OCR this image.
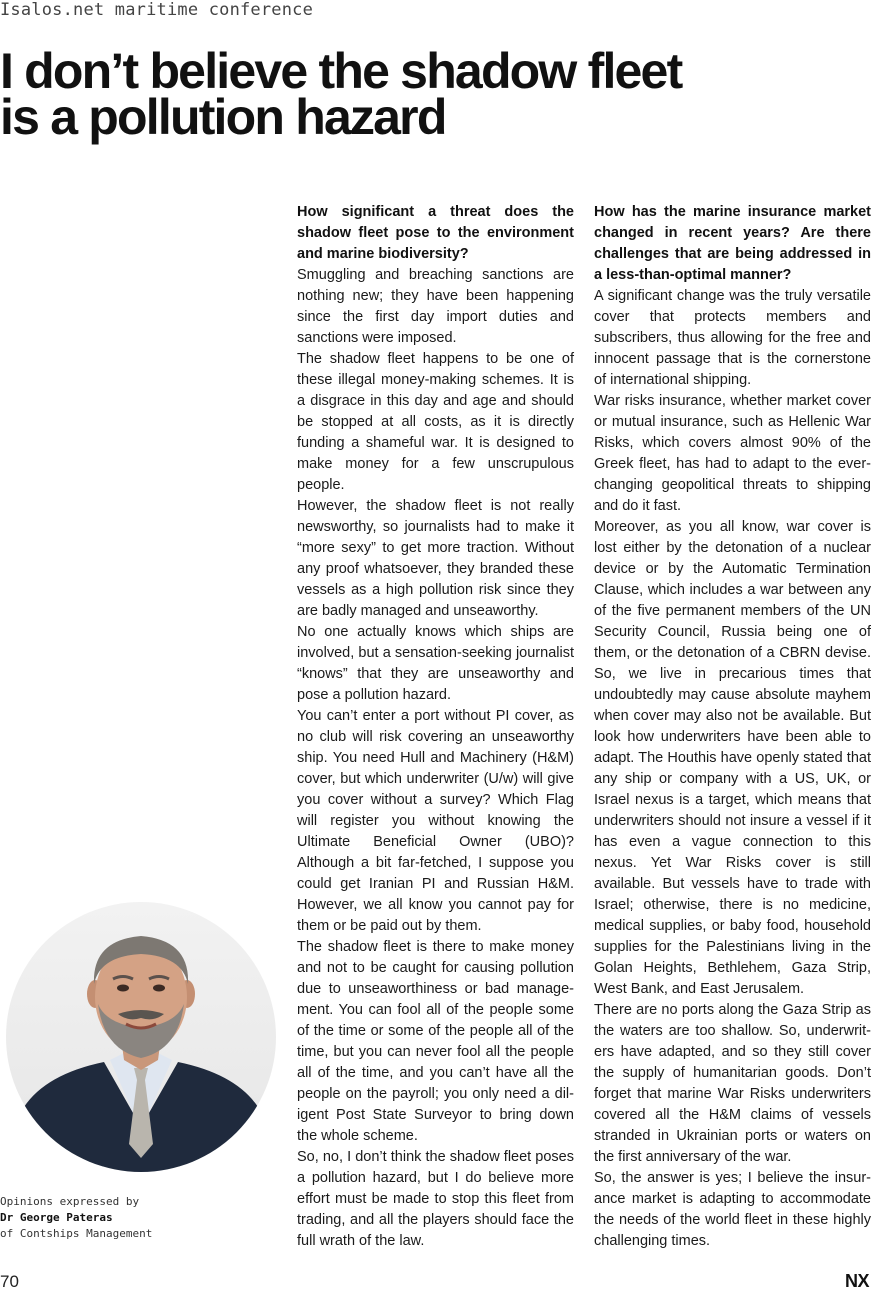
Isalos.net maritime conference
I don’t believe the shadow fleet
is a pollution hazard

How significant a threat does the shadow fleet pose to the environment and marine biodiversity?

Smuggling and breaching sanctions are nothing new; they have been happening since the first day import duties and sanctions were imposed.

The shadow fleet happens to be one of these illegal money-making schemes. It is a disgrace in this day and age and should be stopped at all costs, as it is directly funding a shameful war. It is designed to make money for a few unscrupulous people.

However, the shadow fleet is not really newsworthy, so journalists had to make it “more sexy” to get more traction. Without any proof whatsoever, they branded these vessels as a high pollution risk since they are badly managed and unseaworthy.

No one actually knows which ships are involved, but a sensation-seeking journalist “knows” that they are unseaworthy and pose a pollution hazard.

You can’t enter a port without PI cover, as no club will risk covering an unseaworthy ship. You need Hull and Machinery (H&M) cover, but which underwriter (U/w) will give you cover without a survey? Which Flag will register you without knowing the Ultimate Beneficial Owner (UBO)? Although a bit far-fetched, I suppose you could get Iranian PI and Russian H&M. However, we all know you cannot pay for them or be paid out by them.

The shadow fleet is there to make money and not to be caught for causing pollution due to unseaworthiness or bad management. You can fool all of the people some of the time or some of the people all of the time, but you can never fool all the people all of the time, and you can’t have all the people on the payroll; you only need a diligent Post State Surveyor to bring down the whole scheme.

So, no, I don’t think the shadow fleet poses a pollution hazard, but I do believe more effort must be made to stop this fleet from trading, and all the players should face the full wrath of the law.

How has the marine insurance market changed in recent years? Are there challenges that are being addressed in a less-than-optimal manner?

A significant change was the truly versatile cover that protects members and subscribers, thus allowing for the free and innocent passage that is the cornerstone of international shipping.

War risks insurance, whether market cover or mutual insurance, such as Hellenic War Risks, which covers almost 90% of the Greek fleet, has had to adapt to the ever-changing geopolitical threats to shipping and do it fast.

Moreover, as you all know, war cover is lost either by the detonation of a nuclear device or by the Automatic Termination Clause, which includes a war between any of the five permanent members of the UN Security Council, Russia being one of them, or the detonation of a CBRN devise. So, we live in precarious times that undoubtedly may cause absolute mayhem when cover may also not be available. But look how underwriters have been able to adapt. The Houthis have openly stated that any ship or company with a US, UK, or Israel nexus is a target, which means that underwriters should not insure a vessel if it has even a vague connection to this nexus. Yet War Risks cover is still available. But vessels have to trade with Israel; otherwise, there is no medicine, medical supplies, or baby food, household supplies for the Palestinians living in the Golan Heights, Bethlehem, Gaza Strip, West Bank, and East Jerusalem.

There are no ports along the Gaza Strip as the waters are too shallow. So, underwriters have adapted, and so they still cover the supply of humanitarian goods. Don’t forget that marine War Risks underwriters covered all the H&M claims of vessels stranded in Ukrainian ports or waters on the first anniversary of the war.

So, the answer is yes; I believe the insurance market is adapting to accommodate the needs of the world fleet in these highly challenging times.

Opinions expressed by
Dr George Pateras
of Contships Management
70	NX
